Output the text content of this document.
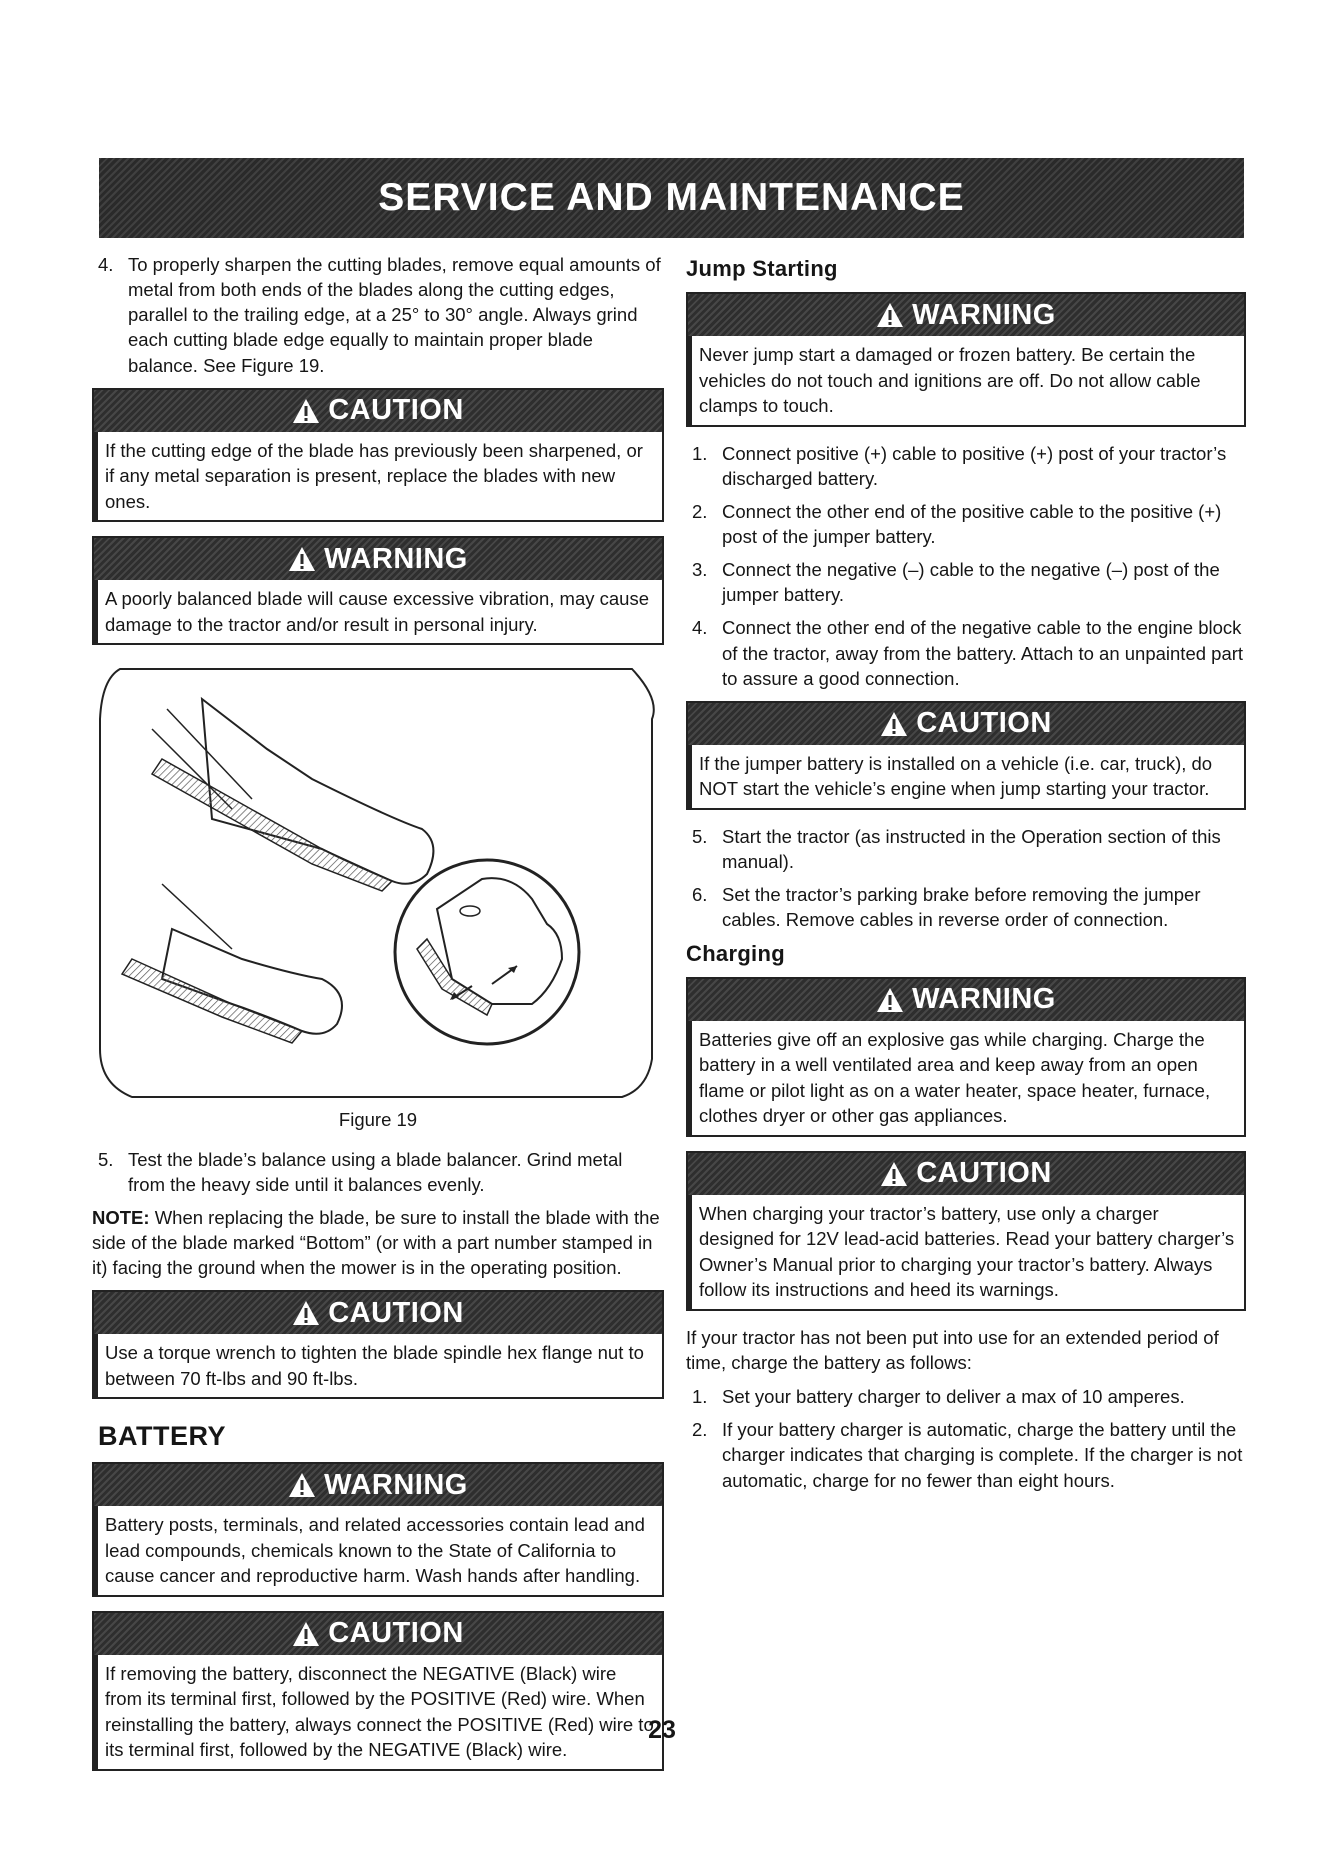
SERVICE AND MAINTENANCE
4. To properly sharpen the cutting blades, remove equal amounts of metal from both ends of the blades along the cutting edges, parallel to the trailing edge, at a 25° to 30° angle. Always grind each cutting blade edge equally to maintain proper blade balance. See Figure 19.
CAUTION
If the cutting edge of the blade has previously been sharpened, or if any metal separation is present, replace the blades with new ones.
WARNING
A poorly balanced blade will cause excessive vibration, may cause damage to the tractor and/or result in personal injury.
Figure 19
5. Test the blade’s balance using a blade balancer. Grind metal from the heavy side until it balances evenly.
NOTE: When replacing the blade, be sure to install the blade with the side of the blade marked “Bottom” (or with a part number stamped in it) facing the ground when the mower is in the operating position.
CAUTION
Use a torque wrench to tighten the blade spindle hex flange nut to between 70 ft-lbs and 90 ft-lbs.
BATTERY
WARNING
Battery posts, terminals, and related accessories contain lead and lead compounds, chemicals known to the State of California to cause cancer and reproductive harm. Wash hands after handling.
CAUTION
If removing the battery, disconnect the NEGATIVE (Black) wire from its terminal first, followed by the POSITIVE (Red) wire. When reinstalling the battery, always connect the POSITIVE (Red) wire to its terminal first, followed by the NEGATIVE (Black) wire.
Jump Starting
WARNING
Never jump start a damaged or frozen battery. Be certain the vehicles do not touch and ignitions are off. Do not allow cable clamps to touch.
1. Connect positive (+) cable to positive (+) post of your tractor’s discharged battery.
2. Connect the other end of the positive cable to the positive (+) post of the jumper battery.
3. Connect the negative (–) cable to the negative (–) post of the jumper battery.
4. Connect the other end of the negative cable to the engine block of the tractor, away from the battery. Attach to an unpainted part to assure a good connection.
CAUTION
If the jumper battery is installed on a vehicle (i.e. car, truck), do NOT start the vehicle’s engine when jump starting your tractor.
5. Start the tractor (as instructed in the Operation section of this manual).
6. Set the tractor’s parking brake before removing the jumper cables. Remove cables in reverse order of connection.
Charging
WARNING
Batteries give off an explosive gas while charging. Charge the battery in a well ventilated area and keep away from an open flame or pilot light as on a water heater, space heater, furnace, clothes dryer or other gas appliances.
CAUTION
When charging your tractor’s battery, use only a charger designed for 12V lead-acid batteries. Read your battery charger’s Owner’s Manual prior to charging your tractor’s battery. Always follow its instructions and heed its warnings.
If your tractor has not been put into use for an extended period of time, charge the battery as follows:
1. Set your battery charger to deliver a max of 10 amperes.
2. If your battery charger is automatic, charge the battery until the charger indicates that charging is complete. If the charger is not automatic, charge for no fewer than eight hours.
23
